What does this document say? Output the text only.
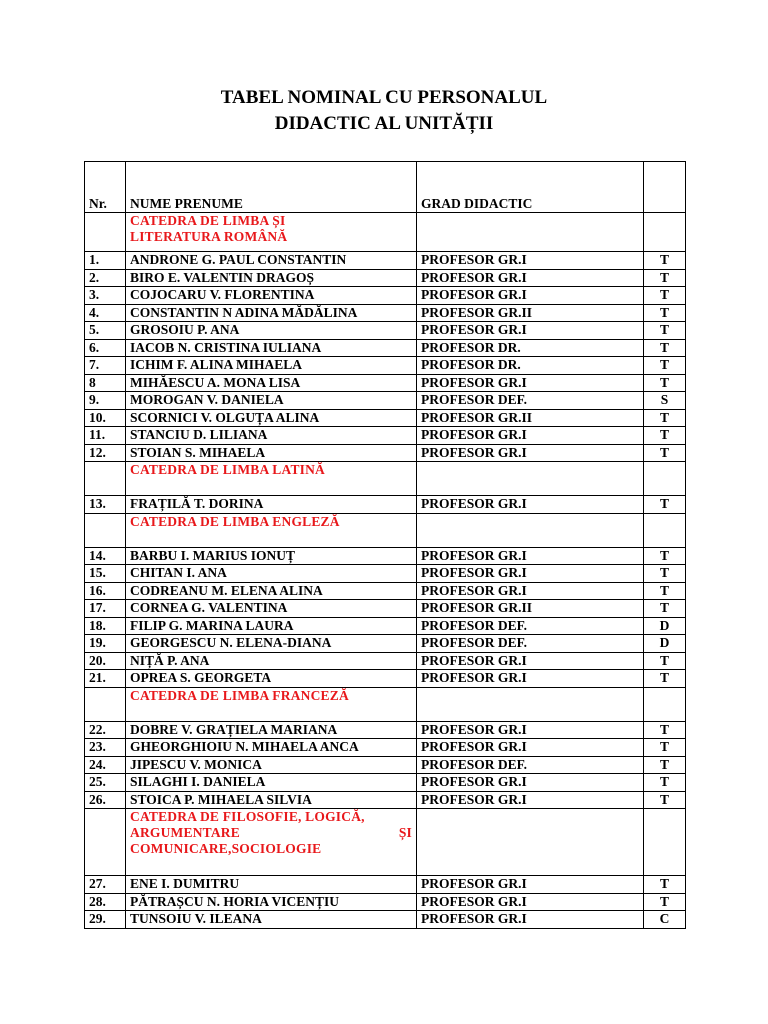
TABEL NOMINAL CU PERSONALUL
DIDACTIC AL UNITĂȚII
Nr.	NUME PRENUME	GRAD DIDACTIC	

	CATEDRA DE LIMBA ȘI
LITERATURA ROMÂNĂ		

1.	ANDRONE G. PAUL CONSTANTIN	PROFESOR GR.I	T
2.	BIRO E. VALENTIN DRAGOȘ	PROFESOR GR.I	T
3.	COJOCARU V. FLORENTINA	PROFESOR GR.I	T
4.	CONSTANTIN N ADINA MĂDĂLINA	PROFESOR GR.II	T
5.	GROSOIU P. ANA	PROFESOR GR.I	T
6.	IACOB N. CRISTINA IULIANA	PROFESOR DR.	T
7.	ICHIM F. ALINA MIHAELA	PROFESOR DR.	T
8	MIHĂESCU A. MONA LISA	PROFESOR GR.I	T
9.	MOROGAN V. DANIELA	PROFESOR DEF.	S
10.	SCORNICI V. OLGUȚA ALINA	PROFESOR GR.II	T
11.	STANCIU D. LILIANA	PROFESOR GR.I	T
12.	STOIAN S. MIHAELA	PROFESOR GR.I	T
	CATEDRA DE LIMBA LATINĂ		
13.	FRAȚILĂ T. DORINA	PROFESOR GR.I	T
	CATEDRA DE LIMBA ENGLEZĂ		
14.	BARBU I. MARIUS IONUȚ	PROFESOR GR.I	T
15.	CHITAN I. ANA	PROFESOR GR.I	T
16.	CODREANU M. ELENA ALINA	PROFESOR GR.I	T
17.	CORNEA G. VALENTINA	PROFESOR GR.II	T
18.	FILIP G. MARINA LAURA	PROFESOR DEF.	D
19.	GEORGESCU N. ELENA-DIANA	PROFESOR DEF.	D
20.	NIȚĂ P. ANA	PROFESOR GR.I	T
21.	OPREA S. GEORGETA	PROFESOR GR.I	T
	CATEDRA DE LIMBA FRANCEZĂ		
22.	DOBRE V. GRAȚIELA MARIANA	PROFESOR GR.I	T
23.	GHEORGHIOIU N. MIHAELA ANCA	PROFESOR GR.I	T
24.	JIPESCU V. MONICA	PROFESOR DEF.	T
25.	SILAGHI I. DANIELA	PROFESOR GR.I	T
26.	STOICA P. MIHAELA SILVIA	PROFESOR GR.I	T

	CATEDRA DE FILOSOFIE, LOGICĂ,
ARGUMENTARE ȘI
COMUNICARE,SOCIOLOGIE		

27.	ENE I. DUMITRU	PROFESOR GR.I	T
28.	PĂTRAȘCU N. HORIA VICENȚIU	PROFESOR GR.I	T
29.	TUNSOIU V. ILEANA	PROFESOR GR.I	C
